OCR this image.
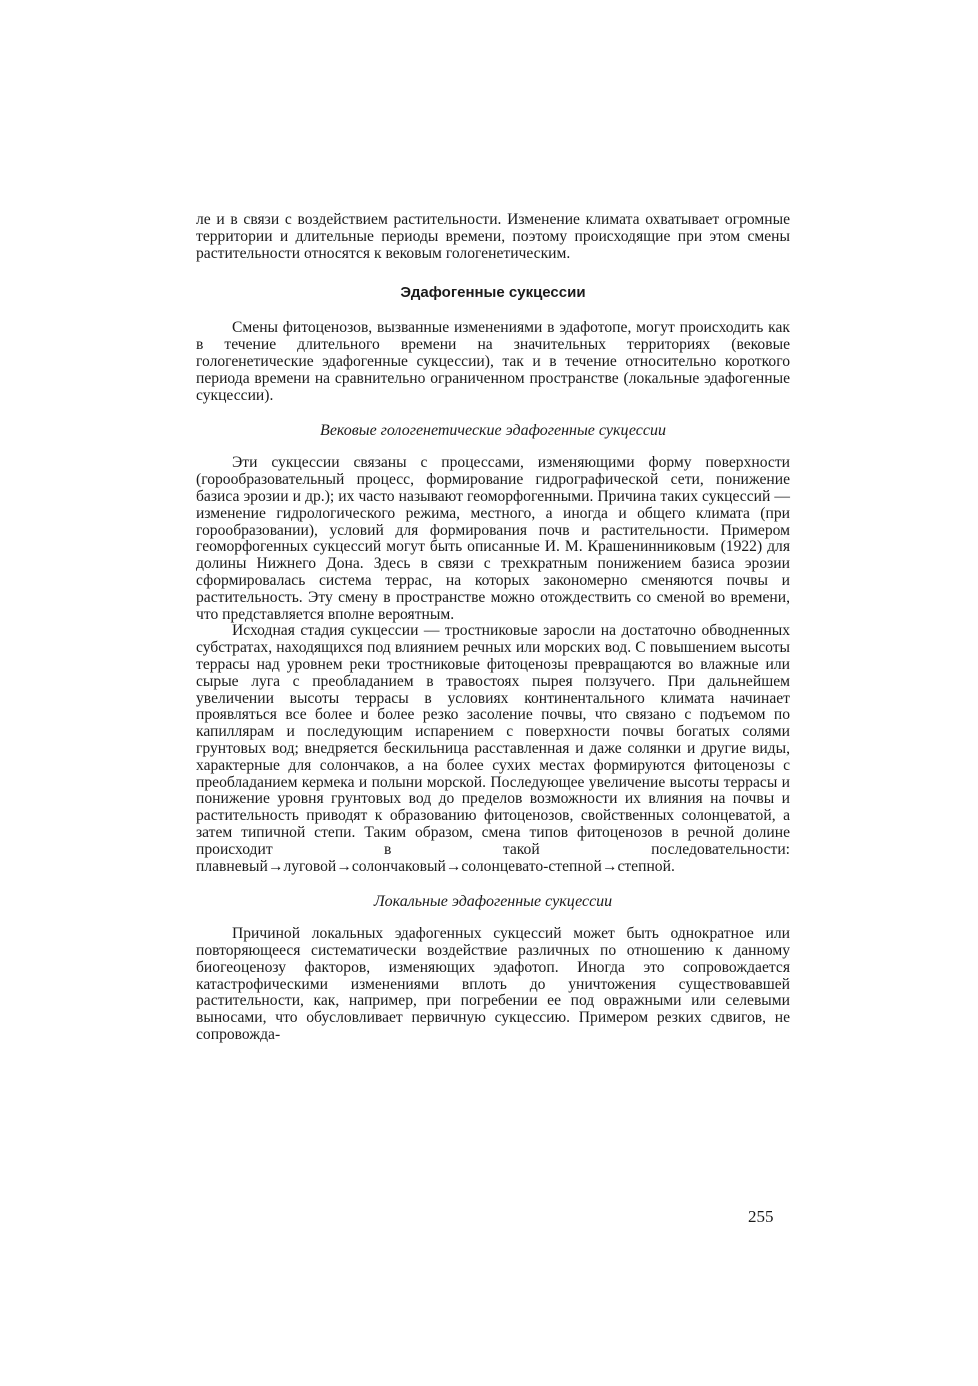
ле и в связи с воздействием растительности. Изменение климата охватывает огромные территории и длительные периоды времени, поэтому происходящие при этом смены растительности относятся к вековым гологенетическим.

Эдафогенные сукцессии

Смены фитоценозов, вызванные изменениями в эдафотопе, могут происходить как в течение длительного времени на значительных территориях (вековые гологенетические эдафогенные сукцессии), так и в течение относительно короткого периода времени на сравнительно ограниченном пространстве (локальные эдафогенные сукцессии).

Вековые гологенетические эдафогенные сукцессии

Эти сукцессии связаны с процессами, изменяющими форму поверхности (горообразовательный процесс, формирование гидрографической сети, понижение базиса эрозии и др.); их часто называют геоморфогенными. Причина таких сукцессий — изменение гидрологического режима, местного, а иногда и общего климата (при горообразовании), условий для формирования почв и растительности. Примером геоморфогенных сукцессий могут быть описанные И. М. Крашенинниковым (1922) для долины Нижнего Дона. Здесь в связи с трехкратным понижением базиса эрозии сформировалась система террас, на которых закономерно сменяются почвы и растительность. Эту смену в пространстве можно отождествить со сменой во времени, что представляется вполне вероятным.

Исходная стадия сукцессии — тростниковые заросли на достаточно обводненных субстратах, находящихся под влиянием речных или морских вод. С повышением высоты террасы над уровнем реки тростниковые фитоценозы превращаются во влажные или сырые луга с преобладанием в травостоях пырея ползучего. При дальнейшем увеличении высоты террасы в условиях континентального климата начинает проявляться все более и более резко засоление почвы, что связано с подъемом по капиллярам и последующим испарением с поверхности почвы богатых солями грунтовых вод; внедряется бескильница расставленная и даже солянки и другие виды, характерные для солончаков, а на более сухих местах формируются фитоценозы с преобладанием кермека и полыни морской. Последующее увеличение высоты террасы и понижение уровня грунтовых вод до пределов возможности их влияния на почвы и растительность приводят к образованию фитоценозов, свойственных солонцеватой, а затем типичной степи. Таким образом, смена типов фитоценозов в речной долине происходит в такой последовательности: плавневый→луговой→солончаковый→солонцевато-степной→степной.

Локальные эдафогенные сукцессии

Причиной локальных эдафогенных сукцессий может быть однократное или повторяющееся систематически воздействие различных по отношению к данному биогеоценозу факторов, изменяющих эдафотоп. Иногда это сопровождается катастрофическими изменениями вплоть до уничтожения существовавшей растительности, как, например, при погребении ее под овражными или селевыми выносами, что обусловливает первичную сукцессию. Примером резких сдвигов, не сопровожда-

255
